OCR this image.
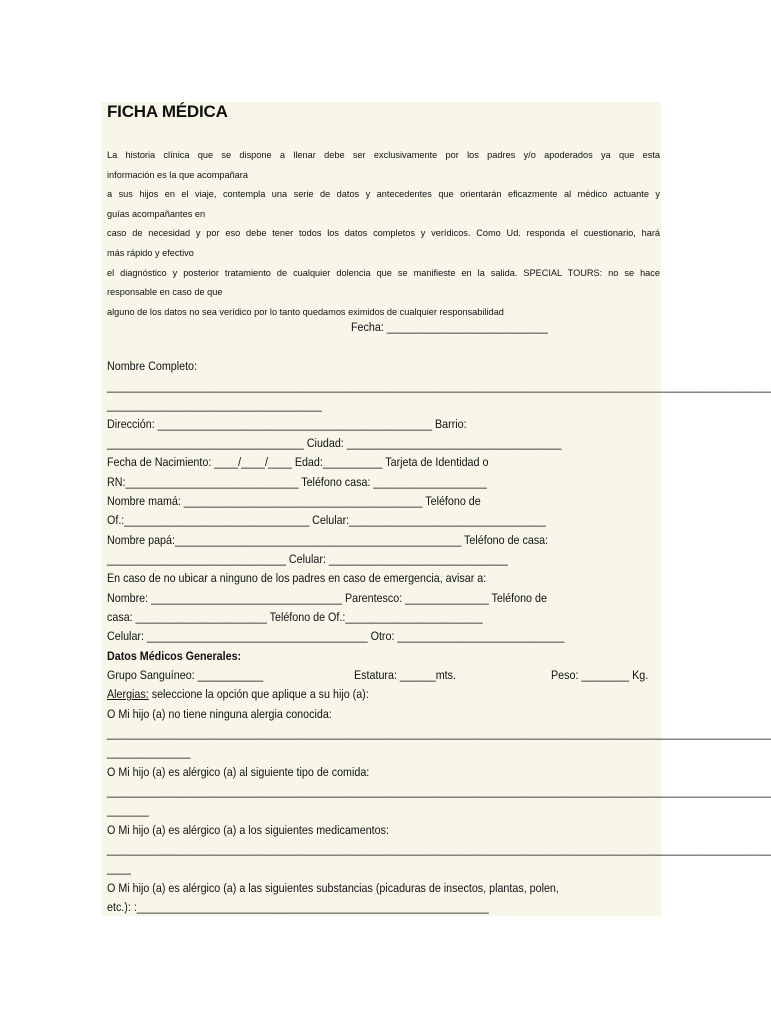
FICHA MÉDICA
La historia clínica que se dispone a llenar debe ser exclusivamente por los padres y/o apoderados ya que esta
información es la que acompañara
a sus hijos en el viaje, contempla una serie de datos y antecedentes que orientarán eficazmente al médico actuante y
guías acompañantes en
caso de necesidad y por eso debe tener todos los datos completos y verídicos. Como Ud. responda el cuestionario, hará
más rápido y efectivo
el diagnóstico y posterior tratamiento de cualquier dolencia que se manifieste en la salida. SPECIAL TOURS: no se hace
responsable en caso de que
alguno de los datos no sea verídico por lo tanto quedamos eximidos de cualquier responsabilidad
Fecha: ___________________________
Nombre Completo:
__________________________________________________________________________________________________
____________________________________
Dirección: ______________________________________________ Barrio:
_________________________________ Ciudad: ____________________________________
Fecha de Nacimiento: ____/____/____ Edad:__________ Tarjeta de Identidad o
RN:_____________________________ Teléfono casa: ___________________
Nombre mamá: ________________________________________ Teléfono de
Of.:_______________________________ Celular:_________________________________
Nombre papá:________________________________________________ Teléfono de casa:
______________________________ Celular: ______________________________
En caso de no ubicar a ninguno de los padres en caso de emergencia, avisar a:
Nombre: ________________________________ Parentesco: ______________ Teléfono de
casa: ______________________ Teléfono de Of.:_______________________
Celular: _____________________________________ Otro: ____________________________
Datos Médicos Generales:
Grupo Sanguíneo: ___________	Estatura: ______mts.	Peso: ________ Kg.
Alergias: seleccione la opción que aplique a su hijo (a):
O Mi hijo (a) no tiene ninguna alergia conocida:
__________________________________________________________________________________________________
______________
O Mi hijo (a) es alérgico (a) al siguiente tipo de comida:
__________________________________________________________________________________________________
_______
O Mi hijo (a) es alérgico (a) a los siguientes medicamentos:
__________________________________________________________________________________________________
____
O Mi hijo (a) es alérgico (a) a las siguientes substancias (picaduras de insectos, plantas, polen,
etc.): :___________________________________________________________
